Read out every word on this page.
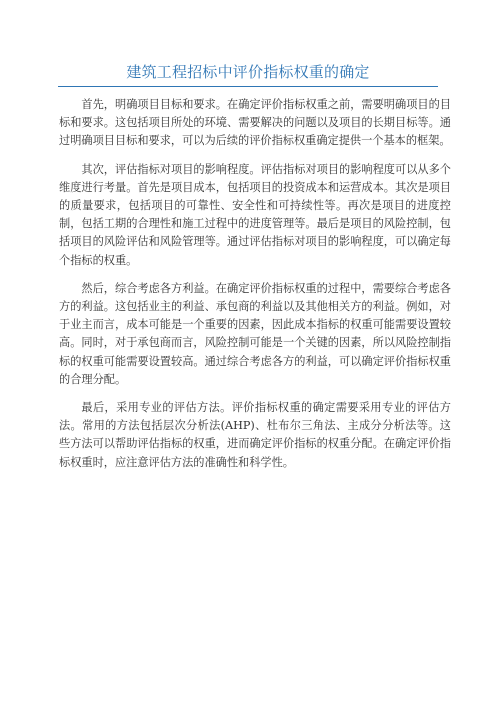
建筑工程招标中评价指标权重的确定

首先，明确项目目标和要求。在确定评价指标权重之前，需要明确项目的目标和要求。这包括项目所处的环境、需要解决的问题以及项目的长期目标等。通过明确项目目标和要求，可以为后续的评价指标权重确定提供一个基本的框架。

其次，评估指标对项目的影响程度。评估指标对项目的影响程度可以从多个维度进行考量。首先是项目成本，包括项目的投资成本和运营成本。其次是项目的质量要求，包括项目的可靠性、安全性和可持续性等。再次是项目的进度控制，包括工期的合理性和施工过程中的进度管理等。最后是项目的风险控制，包括项目的风险评估和风险管理等。通过评估指标对项目的影响程度，可以确定每个指标的权重。

然后，综合考虑各方利益。在确定评价指标权重的过程中，需要综合考虑各方的利益。这包括业主的利益、承包商的利益以及其他相关方的利益。例如，对于业主而言，成本可能是一个重要的因素，因此成本指标的权重可能需要设置较高。同时，对于承包商而言，风险控制可能是一个关键的因素，所以风险控制指标的权重可能需要设置较高。通过综合考虑各方的利益，可以确定评价指标权重的合理分配。

最后，采用专业的评估方法。评价指标权重的确定需要采用专业的评估方法。常用的方法包括层次分析法(AHP)、杜布尔三角法、主成分分析法等。这些方法可以帮助评估指标的权重，进而确定评价指标的权重分配。在确定评价指标权重时，应注意评估方法的准确性和科学性。
